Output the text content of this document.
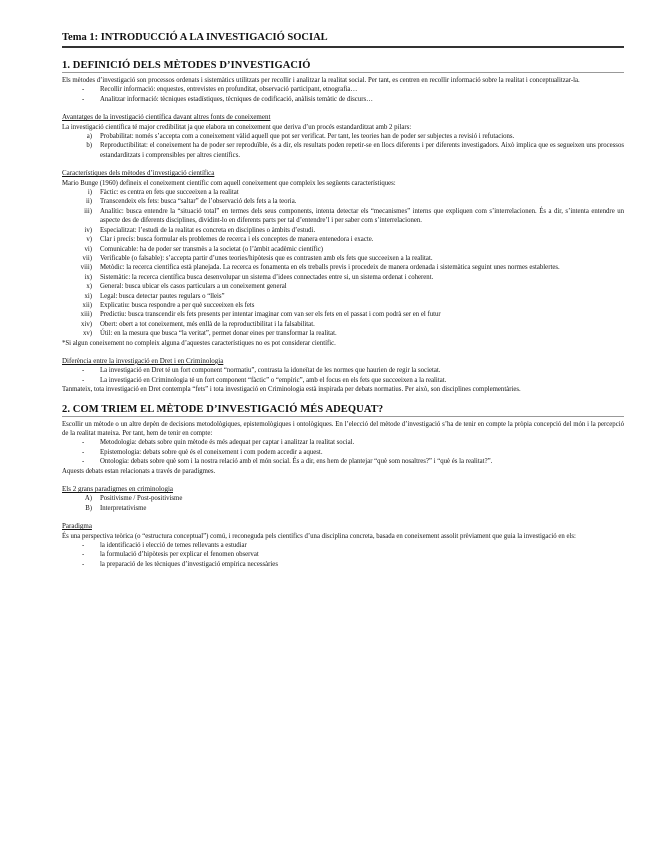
Tema 1: INTRODUCCIÓ A LA INVESTIGACIÓ SOCIAL
1. DEFINICIÓ DELS MÈTODES D’INVESTIGACIÓ

Els mètodes d’investigació son processos ordenats i sistemàtics utilitzats per recollir i analitzar la realitat social. Per tant, es centren en recollir informació sobre la realitat i conceptualitzar-la.

- Recollir informació: enquestes, entrevistes en profunditat, observació participant, etnografia…
- Analitzar informació: tècniques estadístiques, tècniques de codificació, anàlisis temàtic de discurs…
Avantatges de la investigació científica davant altres fonts de coneixement

La investigació científica té major credibilitat ja que elabora un coneixement que deriva d’un procés estandarditzat amb 2 pilars:

a) Probabilitat: només s’accepta com a coneixement vàlid aquell que pot ser verificat. Per tant, les teories han de poder ser subjectes a revisió i refutacions.
b) Reproductibilitat: el coneixement ha de poder ser reproduïble, és a dir, els resultats poden repetir-se en llocs diferents i per diferents investigadors. Això implica que es segueixen uns processos estandarditzats i comprensibles per altres científics.
Característiques dels mètodes d’investigació científica

Mario Bunge (1960) defineix el coneixement científic com aquell coneixement que compleix les següents característiques:

i) Fàctic: es centra en fets que succeeixen a la realitat
ii) Transcendeix els fets: busca “saltar” de l’observació dels fets a la teoria.
iii) Analític: busca entendre la “situació total” en termes dels seus components, intenta detectar els “mecanismes” interns que expliquen com s’interrelacionen. És a dir, s’intenta entendre un aspecte des de diferents disciplines, dividint-lo en diferents parts per tal d’entendre’l i per saber com s’interrelacionen.
iv) Especialitzat: l’estudi de la realitat es concreta en disciplines o àmbits d’estudi.
v) Clar i precís: busca formular els problemes de recerca i els conceptes de manera entenedora i exacte.
vi) Comunicable: ha de poder ser transmès a la societat (o l’àmbit acadèmic científic)
vii) Verificable (o falsable): s’accepta partir d’unes teories/hipòtesis que es contrasten amb els fets que succeeixen a la realitat.
viii) Metòdic: la recerca científica està planejada. La recerca es fonamenta en els treballs previs i procedeix de manera ordenada i sistemàtica seguint unes normes establertes.
ix) Sistemàtic: la recerca científica busca desenvolupar un sistema d’idees connectades entre si, un sistema ordenat i coherent.
x) General: busca ubicar els casos particulars a un coneixement general
xi) Legal: busca detectar pautes regulars o “lleis”
xii) Explicatiu: busca respondre a per què succeeixen els fets
xiii) Predictiu: busca transcendir els fets presents per intentar imaginar com van ser els fets en el passat i com podrà ser en el futur
xiv) Obert: obert a tot coneixement, més enllà de la reproductibilitat i la falsabilitat.
xv) Útil: en la mesura que busca “la veritat”, permet donar eines per transformar la realitat.

*Si algun coneixement no compleix alguna d’aquestes característiques no es pot considerar científic.

Diferència entre la investigació en Dret i en Criminologia
- La investigació en Dret té un fort component “normatiu”, contrasta la idoneïtat de les normes que haurien de regir la societat.
- La investigació en Criminologia té un fort component “fàctic” o “empíric”, amb el focus en els fets que succeeixen a la realitat.

Tanmateix, tota investigació en Dret contempla “fets” i tota investigació en Criminologia està inspirada per debats normatius. Per això, son disciplines complementàries.

2. COM TRIEM EL MÈTODE D’INVESTIGACIÓ MÉS ADEQUAT?

Escollir un mètode o un altre depèn de decisions metodològiques, epistemològiques i ontològiques. En l’elecció del mètode d’investigació s’ha de tenir en compte la pròpia concepció del món i la percepció de la realitat mateixa. Per tant, hem de tenir en compte:

- Metodologia: debats sobre quin mètode és més adequat per captar i analitzar la realitat social.
- Epistemologia: debats sobre què és el coneixement i com podem accedir a aquest.
- Ontologia: debats sobre què som i la nostra relació amb el món social. És a dir, ens hem de plantejar “què som nosaltres?” i “què és la realitat?”.

Aquests debats estan relacionats a través de paradigmes.

Els 2 grans paradigmes en criminologia
A) Positivisme / Post-positivisme
B) Interpretativisme
Paradigma

És una perspectiva teòrica (o “estructura conceptual”) comú, i reconeguda pels científics d’una disciplina concreta, basada en coneixement assolit prèviament que guia la investigació en els:

- la identificació i elecció de temes rellevants a estudiar
- la formulació d’hipòtesis per explicar el fenomen observat
- la preparació de les tècniques d’investigació empírica necessàries
